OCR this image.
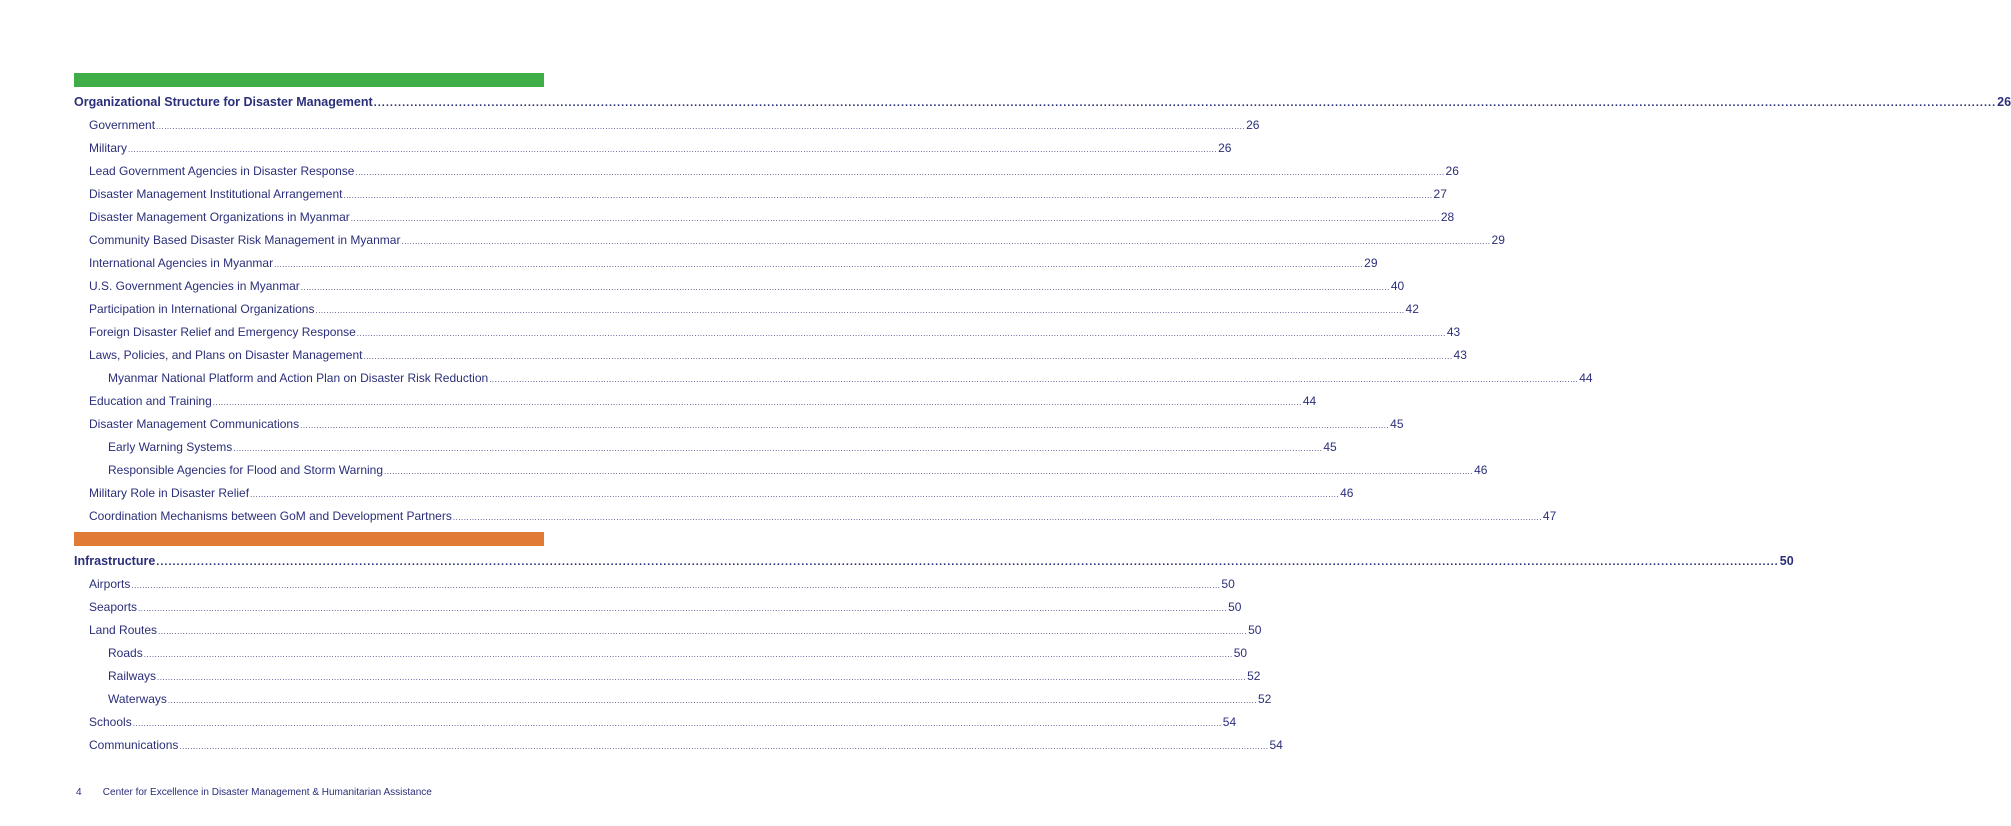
Organizational Structure for Disaster Management ................................................................................................................................................................................................................................................................................................................................................................................................................ 26
Government ................................................................................................................................................................................................................................................................................................................................................................................................................ 26
Military ................................................................................................................................................................................................................................................................................................................................................................................................................ 26
Lead Government Agencies in Disaster Response ................................................................................................................................................................................................................................................................................................................................................................................................................ 26
Disaster Management Institutional Arrangement ................................................................................................................................................................................................................................................................................................................................................................................................................ 27
Disaster Management Organizations in Myanmar ................................................................................................................................................................................................................................................................................................................................................................................................................ 28
Community Based Disaster Risk Management in Myanmar ................................................................................................................................................................................................................................................................................................................................................................................................................ 29
International Agencies in Myanmar ................................................................................................................................................................................................................................................................................................................................................................................................................ 29
U.S. Government Agencies in Myanmar ................................................................................................................................................................................................................................................................................................................................................................................................................ 40
Participation in International Organizations ................................................................................................................................................................................................................................................................................................................................................................................................................ 42
Foreign Disaster Relief and Emergency Response ................................................................................................................................................................................................................................................................................................................................................................................................................ 43
Laws, Policies, and Plans on Disaster Management ................................................................................................................................................................................................................................................................................................................................................................................................................ 43
Myanmar National Platform and Action Plan on Disaster Risk Reduction ................................................................................................................................................................................................................................................................................................................................................................................................................ 44
Education and Training ................................................................................................................................................................................................................................................................................................................................................................................................................ 44
Disaster Management Communications ................................................................................................................................................................................................................................................................................................................................................................................................................ 45
Early Warning Systems ................................................................................................................................................................................................................................................................................................................................................................................................................ 45
Responsible Agencies for Flood and Storm Warning ................................................................................................................................................................................................................................................................................................................................................................................................................ 46
Military Role in Disaster Relief ................................................................................................................................................................................................................................................................................................................................................................................................................ 46
Coordination Mechanisms between GoM and Development Partners ................................................................................................................................................................................................................................................................................................................................................................................................................ 47
Infrastructure ................................................................................................................................................................................................................................................................................................................................................................................................................ 50
Airports ................................................................................................................................................................................................................................................................................................................................................................................................................ 50
Seaports ................................................................................................................................................................................................................................................................................................................................................................................................................ 50
Land Routes ................................................................................................................................................................................................................................................................................................................................................................................................................ 50
Roads ................................................................................................................................................................................................................................................................................................................................................................................................................ 50
Railways ................................................................................................................................................................................................................................................................................................................................................................................................................ 52
Waterways ................................................................................................................................................................................................................................................................................................................................................................................................................ 52
Schools ................................................................................................................................................................................................................................................................................................................................................................................................................ 54
Communications ................................................................................................................................................................................................................................................................................................................................................................................................................ 54
4 Center for Excellence in Disaster Management & Humanitarian Assistance
